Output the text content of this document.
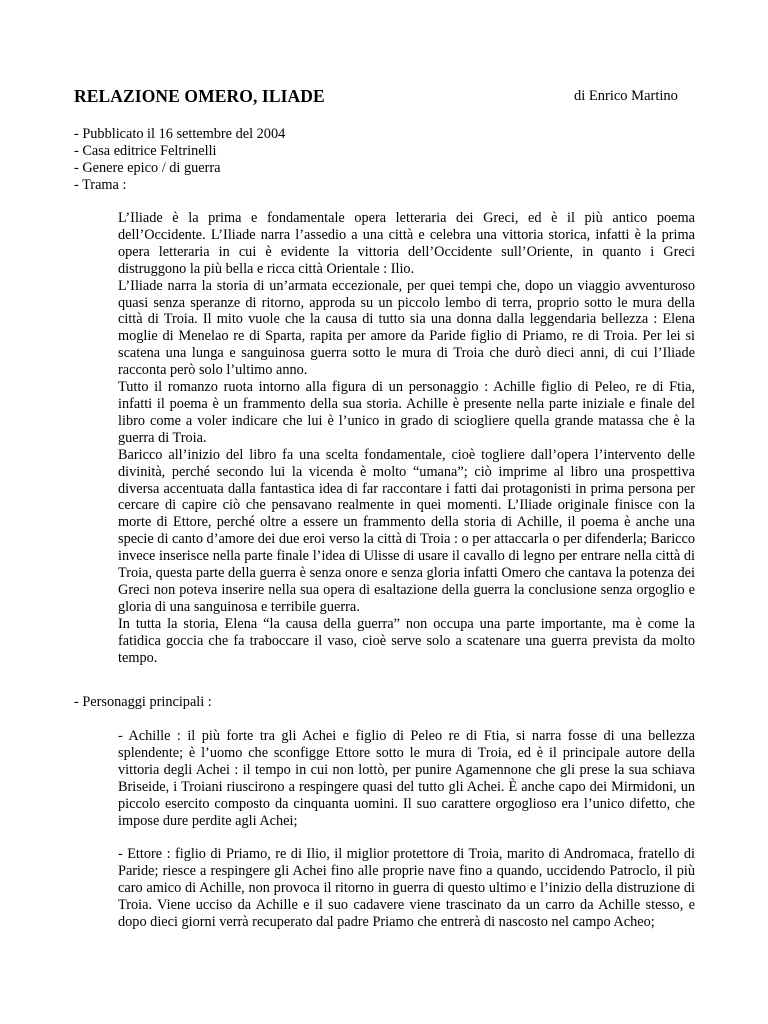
RELAZIONE OMERO, ILIADE	di Enrico Martino
- Pubblicato il 16 settembre del 2004
- Casa editrice Feltrinelli
- Genere epico / di guerra
- Trama :

L’Iliade è la prima e fondamentale opera letteraria dei Greci, ed è il più antico poema dell’Occidente. L’Iliade narra l’assedio a una città e celebra una vittoria storica, infatti è la prima opera letteraria in cui è evidente la vittoria dell’Occidente sull’Oriente, in quanto i Greci distruggono la più bella e ricca città Orientale : Ilio.

L’Iliade narra la storia di un’armata eccezionale, per quei tempi che, dopo un viaggio avventuroso quasi senza speranze di ritorno, approda su un piccolo lembo di terra, proprio sotto le mura della città di Troia. Il mito vuole che la causa di tutto sia una donna dalla leggendaria bellezza : Elena moglie di Menelao re di Sparta, rapita per amore da Paride figlio di Priamo, re di Troia. Per lei si scatena una lunga e sanguinosa guerra sotto le mura di Troia che durò dieci anni, di cui l’Iliade racconta però solo l’ultimo anno.

Tutto il romanzo ruota intorno alla figura di un personaggio : Achille figlio di Peleo, re di Ftia, infatti il poema è un frammento della sua storia. Achille è presente nella parte iniziale e finale del libro come a voler indicare che lui è l’unico in grado di sciogliere quella grande matassa che è la guerra di Troia.

Baricco all’inizio del libro fa una scelta fondamentale, cioè togliere dall’opera l’intervento delle divinità, perché secondo lui la vicenda è molto “umana”; ciò imprime al libro una prospettiva diversa accentuata dalla fantastica idea di far raccontare i fatti dai protagonisti in prima persona per cercare di capire ciò che pensavano realmente in quei momenti. L’Iliade originale finisce con la morte di Ettore, perché oltre a essere un frammento della storia di Achille, il poema è anche una specie di canto d’amore dei due eroi verso la città di Troia : o per attaccarla o per difenderla; Baricco invece inserisce nella parte finale l’idea di Ulisse di usare il cavallo di legno per entrare nella città di Troia, questa parte della guerra è senza onore e senza gloria infatti Omero che cantava la potenza dei Greci non poteva inserire nella sua opera di esaltazione della guerra la conclusione senza orgoglio e gloria di una sanguinosa e terribile guerra.

In tutta la storia, Elena “la causa della guerra” non occupa una parte importante, ma è come la fatidica goccia che fa traboccare il vaso, cioè serve solo a scatenare una guerra prevista da molto tempo.

- Personaggi principali :

- Achille : il più forte tra gli Achei e figlio di Peleo re di Ftia, si narra fosse di una bellezza splendente; è l’uomo che sconfigge Ettore sotto le mura di Troia, ed è il principale autore della vittoria degli Achei : il tempo in cui non lottò, per punire Agamennone che gli prese la sua schiava Briseide, i Troiani riuscirono a respingere quasi del tutto gli Achei. È anche capo dei Mirmidoni, un piccolo esercito composto da cinquanta uomini. Il suo carattere orgoglioso era l’unico difetto, che impose dure perdite agli Achei;

- Ettore : figlio di Priamo, re di Ilio, il miglior protettore di Troia, marito di Andromaca, fratello di Paride; riesce a respingere gli Achei fino alle proprie nave fino a quando, uccidendo Patroclo, il più caro amico di Achille, non provoca il ritorno in guerra di questo ultimo e l’inizio della distruzione di Troia. Viene ucciso da Achille e il suo cadavere viene trascinato da un carro da Achille stesso, e dopo dieci giorni verrà recuperato dal padre Priamo che entrerà di nascosto nel campo Acheo;
